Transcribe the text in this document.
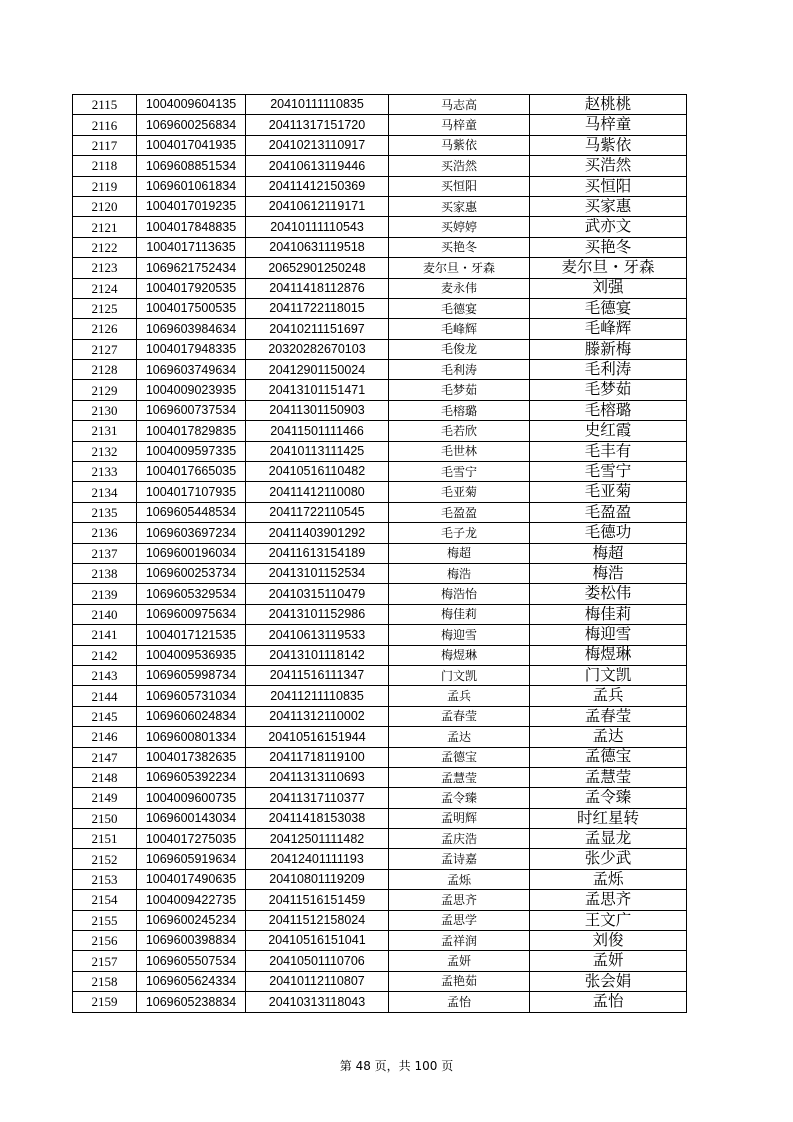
2115	1004009604135	20410111110835	马志高	赵桃桃
2116	1069600256834	20411317151720	马梓童	马梓童
2117	1004017041935	20410213110917	马紫依	马紫依
2118	1069608851534	20410613119446	买浩然	买浩然
2119	1069601061834	20411412150369	买恒阳	买恒阳
2120	1004017019235	20410612119171	买家惠	买家惠
2121	1004017848835	20410111110543	买婷婷	武亦文
2122	1004017113635	20410631119518	买艳冬	买艳冬
2123	1069621752434	20652901250248	麦尔旦・牙森	麦尔旦・牙森
2124	1004017920535	20411418112876	麦永伟	刘强
2125	1004017500535	20411722118015	毛德宴	毛德宴
2126	1069603984634	20410211151697	毛峰辉	毛峰辉
2127	1004017948335	20320282670103	毛俊龙	滕新梅
2128	1069603749634	20412901150024	毛利涛	毛利涛
2129	1004009023935	20413101151471	毛梦茹	毛梦茹
2130	1069600737534	20411301150903	毛榕璐	毛榕璐
2131	1004017829835	20411501111466	毛若欣	史红霞
2132	1004009597335	20410113111425	毛世林	毛丰有
2133	1004017665035	20410516110482	毛雪宁	毛雪宁
2134	1004017107935	20411412110080	毛亚菊	毛亚菊
2135	1069605448534	20411722110545	毛盈盈	毛盈盈
2136	1069603697234	20411403901292	毛子龙	毛德功
2137	1069600196034	20411613154189	梅超	梅超
2138	1069600253734	20413101152534	梅浩	梅浩
2139	1069605329534	20410315110479	梅浩怡	娄松伟
2140	1069600975634	20413101152986	梅佳莉	梅佳莉
2141	1004017121535	20410613119533	梅迎雪	梅迎雪
2142	1004009536935	20413101118142	梅煜琳	梅煜琳
2143	1069605998734	20411516111347	门文凯	门文凯
2144	1069605731034	20411211110835	孟兵	孟兵
2145	1069606024834	20411312110002	孟春莹	孟春莹
2146	1069600801334	20410516151944	孟达	孟达
2147	1004017382635	20411718119100	孟德宝	孟德宝
2148	1069605392234	20411313110693	孟慧莹	孟慧莹
2149	1004009600735	20411317110377	孟令臻	孟令臻
2150	1069600143034	20411418153038	孟明辉	时红星转
2151	1004017275035	20412501111482	孟庆浩	孟显龙
2152	1069605919634	20412401111193	孟诗嘉	张少武
2153	1004017490635	20410801119209	孟烁	孟烁
2154	1004009422735	20411516151459	孟思齐	孟思齐
2155	1069600245234	20411512158024	孟思学	王文广
2156	1069600398834	20410516151041	孟祥润	刘俊
2157	1069605507534	20410501110706	孟妍	孟妍
2158	1069605624334	20410112110807	孟艳茹	张会娟
2159	1069605238834	20410313118043	孟怡	孟怡
第 48 页，共 100 页
